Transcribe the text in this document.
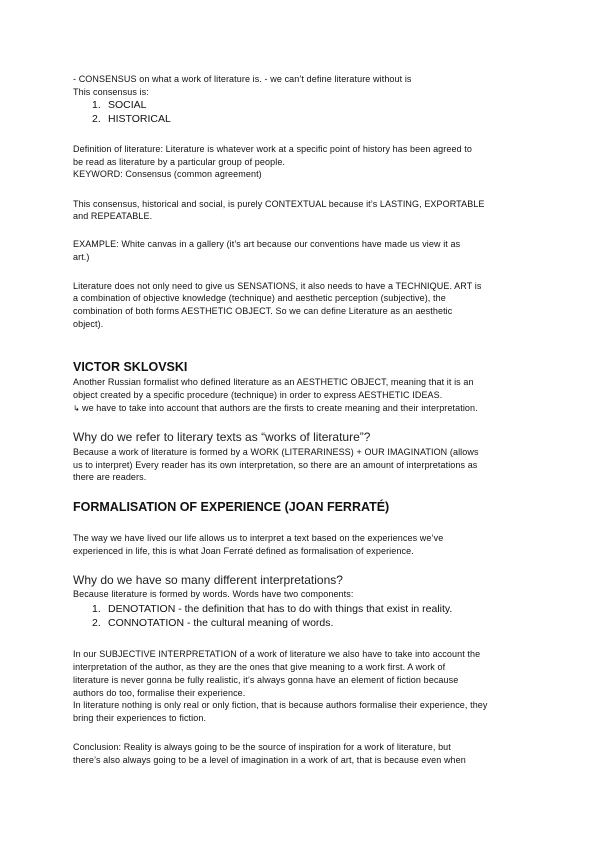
- CONSENSUS on what a work of literature is. - we can’t define literature without is

This consensus is:

1. SOCIAL

2. HISTORICAL

Definition of literature: Literature is whatever work at a specific point of history has been agreed to

be read as literature by a particular group of people.

KEYWORD: Consensus (common agreement)

This consensus, historical and social, is purely CONTEXTUAL because it’s LASTING, EXPORTABLE

and REPEATABLE.

EXAMPLE: White canvas in a gallery (it’s art because our conventions have made us view it as

art.)

Literature does not only need to give us SENSATIONS, it also needs to have a TECHNIQUE. ART is

a combination of objective knowledge (technique) and aesthetic perception (subjective), the

combination of both forms AESTHETIC OBJECT. So we can define Literature as an aesthetic

object).

VICTOR SKLOVSKI

Another Russian formalist who defined literature as an AESTHETIC OBJECT, meaning that it is an

object created by a specific procedure (technique) in order to express AESTHETIC IDEAS.

↳ we have to take into account that authors are the firsts to create meaning and their interpretation.

Why do we refer to literary texts as “works of literature”?

Because a work of literature is formed by a WORK (LITERARINESS) + OUR IMAGINATION (allows

us to interpret) Every reader has its own interpretation, so there are an amount of interpretations as

there are readers.

FORMALISATION OF EXPERIENCE (JOAN FERRATÉ)

The way we have lived our life allows us to interpret a text based on the experiences we’ve

experienced in life, this is what Joan Ferraté defined as formalisation of experience.

Why do we have so many different interpretations?

Because literature is formed by words. Words have two components:

1. DENOTATION - the definition that has to do with things that exist in reality.

2. CONNOTATION - the cultural meaning of words.

In our SUBJECTIVE INTERPRETATION of a work of literature we also have to take into account the

interpretation of the author, as they are the ones that give meaning to a work first. A work of

literature is never gonna be fully realistic, it’s always gonna have an element of fiction because

authors do too, formalise their experience.

In literature nothing is only real or only fiction, that is because authors formalise their experience, they

bring their experiences to fiction.

Conclusion: Reality is always going to be the source of inspiration for a work of literature, but

there’s also always going to be a level of imagination in a work of art, that is because even when
